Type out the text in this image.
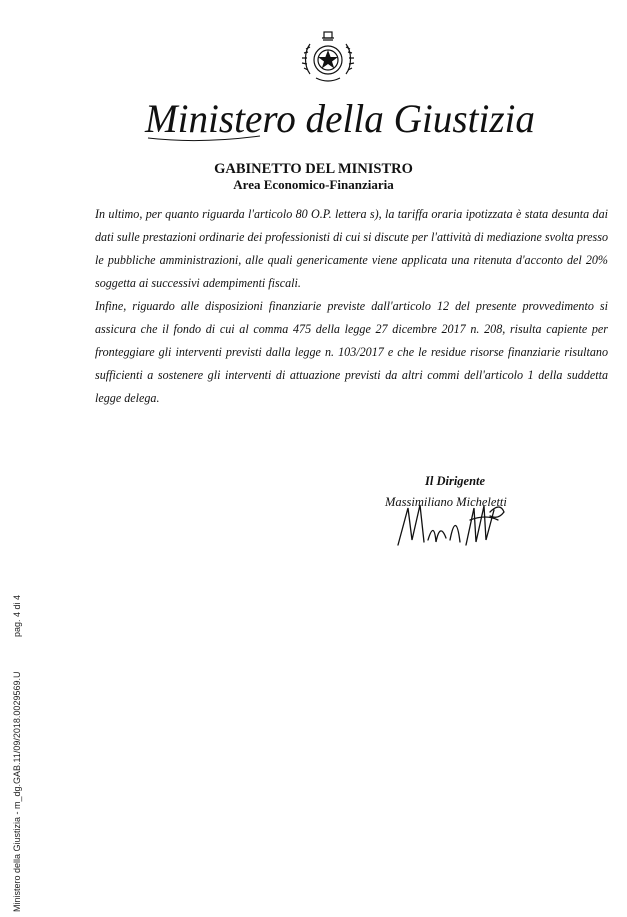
Ministero della Giustizia
GABINETTO DEL MINISTRO
Area Economico-Finanziaria

In ultimo, per quanto riguarda l'articolo 80 O.P. lettera s), la tariffa oraria ipotizzata è stata desunta dai dati sulle prestazioni ordinarie dei professionisti di cui si discute per l'attività di mediazione svolta presso le pubbliche amministrazioni, alle quali genericamente viene applicata una ritenuta d'acconto del 20% soggetta ai successivi adempimenti fiscali.

Infine, riguardo alle disposizioni finanziarie previste dall'articolo 12 del presente provvedimento si assicura che il fondo di cui al comma 475 della legge 27 dicembre 2017 n. 208, risulta capiente per fronteggiare gli interventi previsti dalla legge n. 103/2017 e che le residue risorse finanziarie risultano sufficienti a sostenere gli interventi di attuazione previsti da altri commi dell'articolo 1 della suddetta legge delega.

Il Dirigente
Massimiliano Micheletti
Ministero della Giustizia - m_dg.GAB.11/09/2018.0029569.U
pag. 4 di 4
